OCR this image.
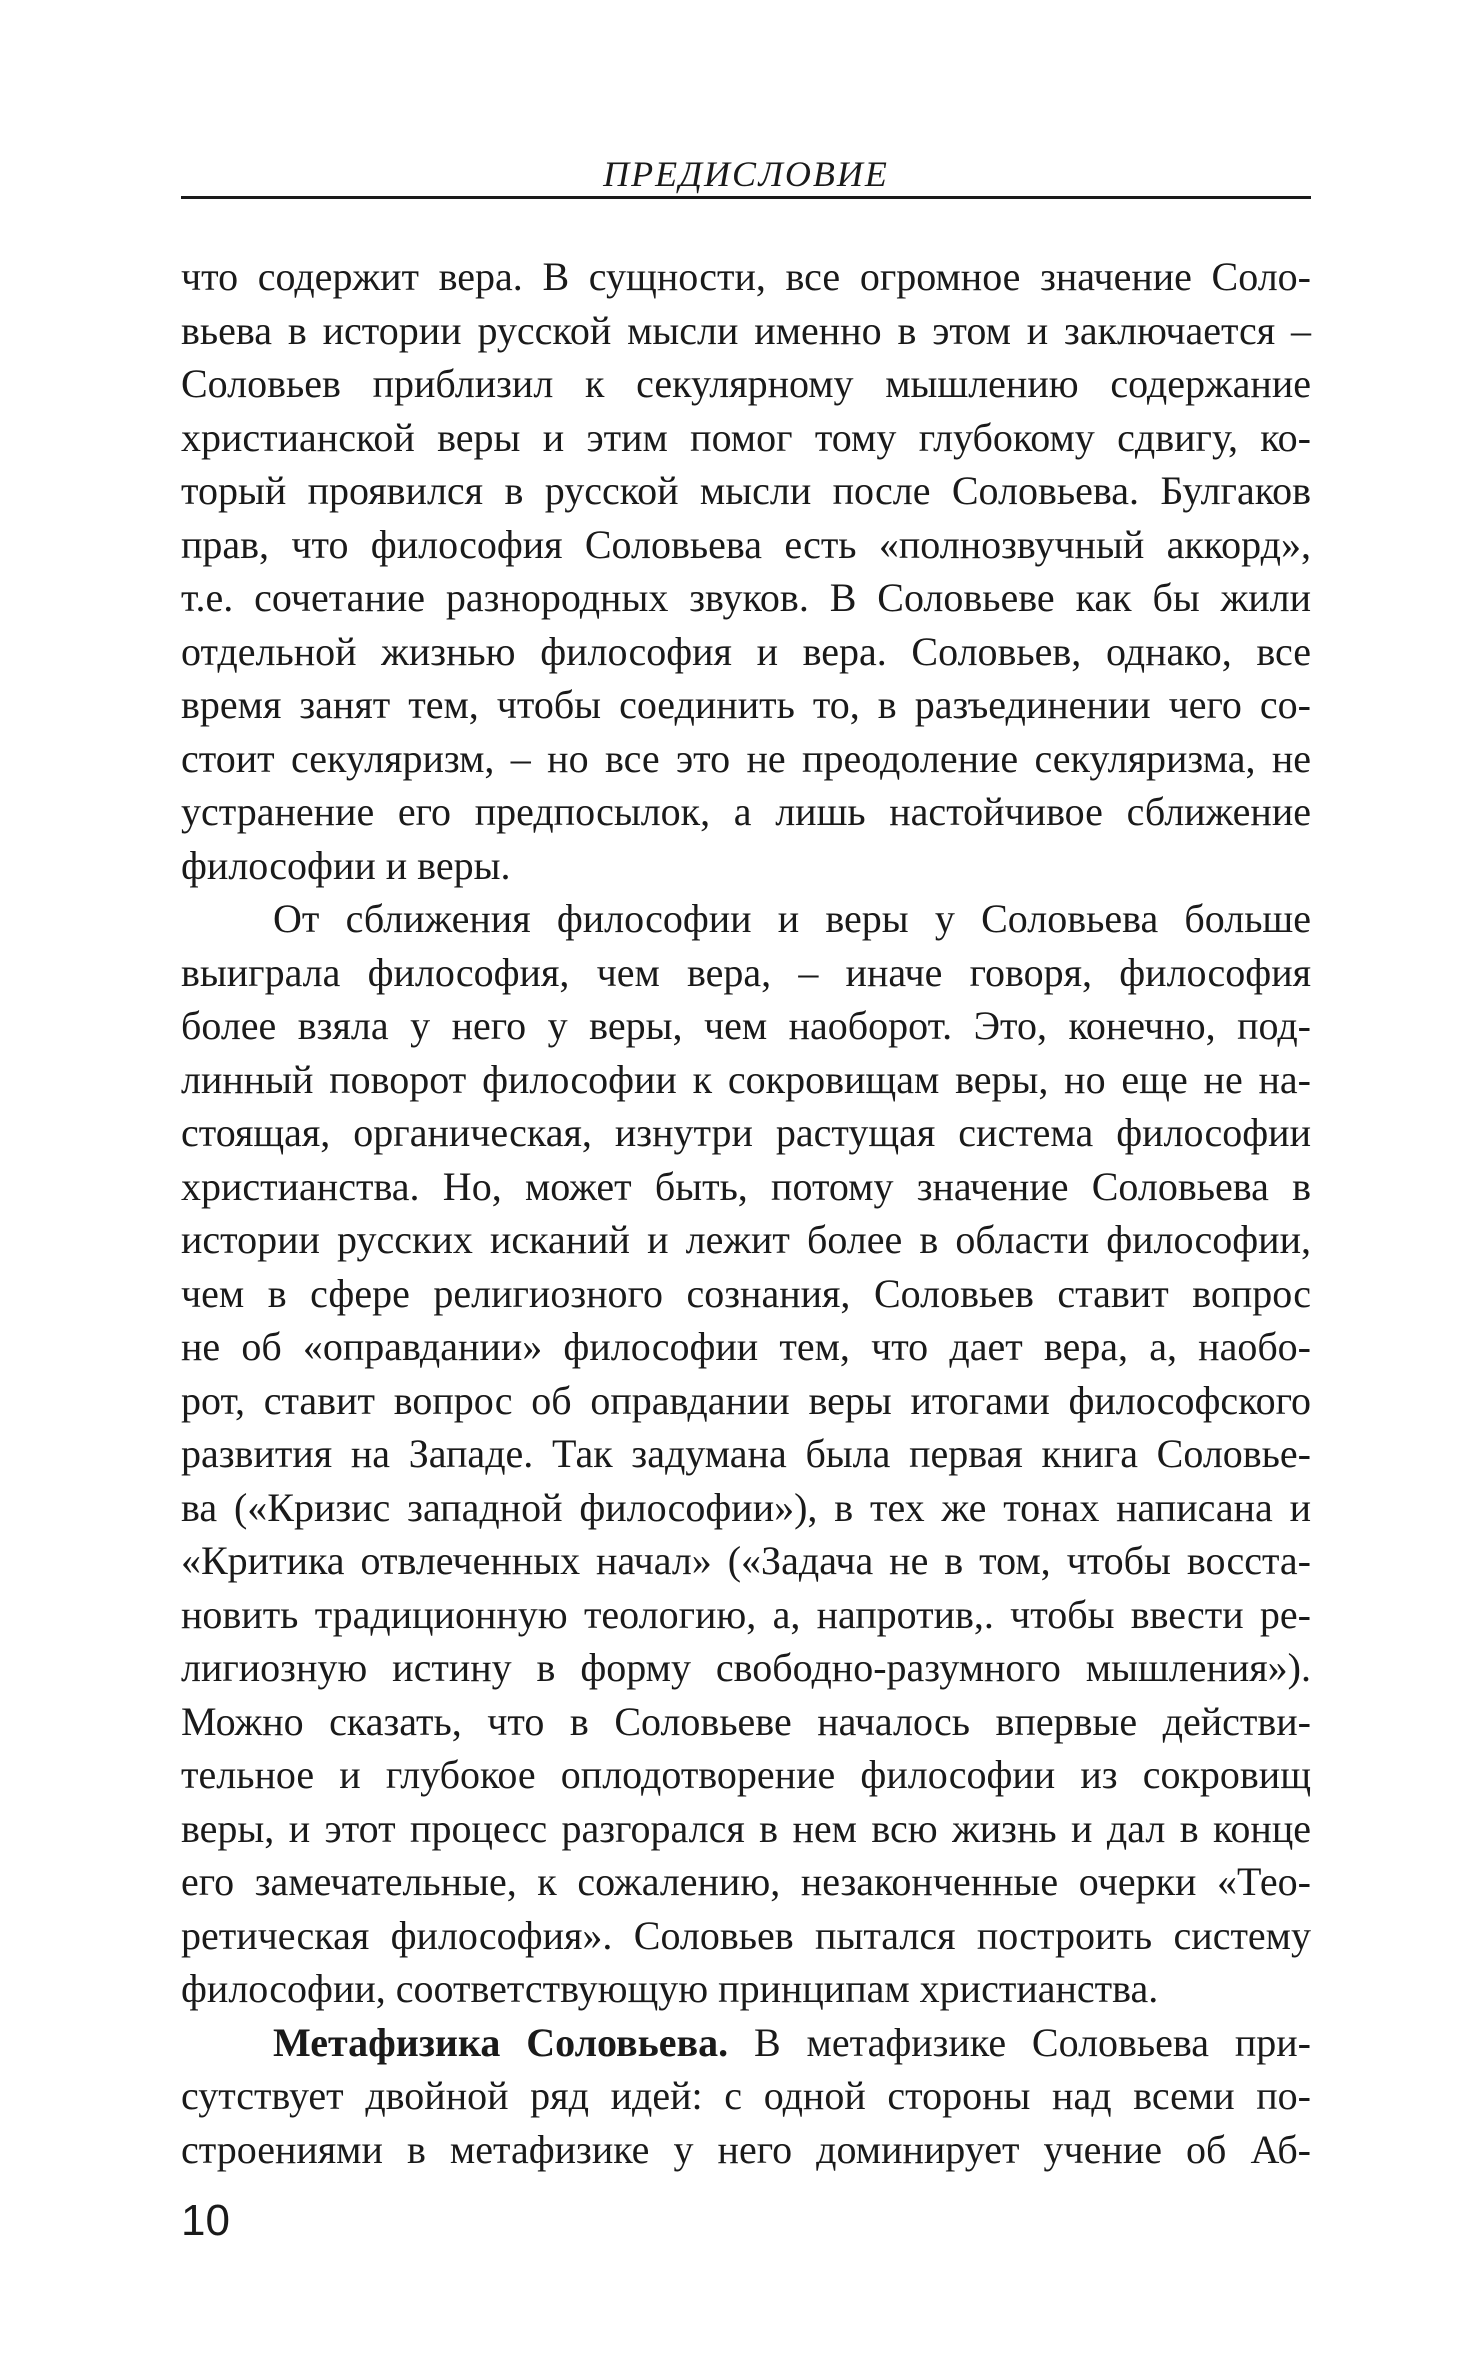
ПРЕДИСЛОВИЕ
что содержит вера. В сущности, все огромное значение Соло-
вьева в истории русской мысли именно в этом и заключается –
Соловьев приблизил к секулярному мышлению содержание
христианской веры и этим помог тому глубокому сдвигу, ко-
торый проявился в русской мысли после Соловьева. Булгаков
прав, что философия Соловьева есть «полнозвучный аккорд»,
т.е. сочетание разнородных звуков. В Соловьеве как бы жили
отдельной жизнью философия и вера. Соловьев, однако, все
время занят тем, чтобы соединить то, в разъединении чего со-
стоит секуляризм, – но все это не преодоление секуляризма, не
устранение его предпосылок, а лишь настойчивое сближение
философии и веры.
От сближения философии и веры у Соловьева больше
выиграла философия, чем вера, – иначе говоря, философия
более взяла у него у веры, чем наоборот. Это, конечно, под-
линный поворот философии к сокровищам веры, но еще не на-
стоящая, органическая, изнутри растущая система философии
христианства. Но, может быть, потому значение Соловьева в
истории русских исканий и лежит более в области философии,
чем в сфере религиозного сознания, Соловьев ставит вопрос
не об «оправдании» философии тем, что дает вера, а, наобо-
рот, ставит вопрос об оправдании веры итогами философского
развития на Западе. Так задумана была первая книга Соловье-
ва («Кризис западной философии»), в тех же тонах написана и
«Критика отвлеченных начал» («Задача не в том, чтобы восста-
новить традиционную теологию, а, напротив,. чтобы ввести ре-
лигиозную истину в форму свободно-разумного мышления»).
Можно сказать, что в Соловьеве началось впервые действи-
тельное и глубокое оплодотворение философии из сокровищ
веры, и этот процесс разгорался в нем всю жизнь и дал в конце
его замечательные, к сожалению, незаконченные очерки «Тео-
ретическая философия». Соловьев пытался построить систему
философии, соответствующую принципам христианства.
Метафизика Соловьева. В метафизике Соловьева при-
сутствует двойной ряд идей: с одной стороны над всеми по-
строениями в метафизике у него доминирует учение об Аб-
10
